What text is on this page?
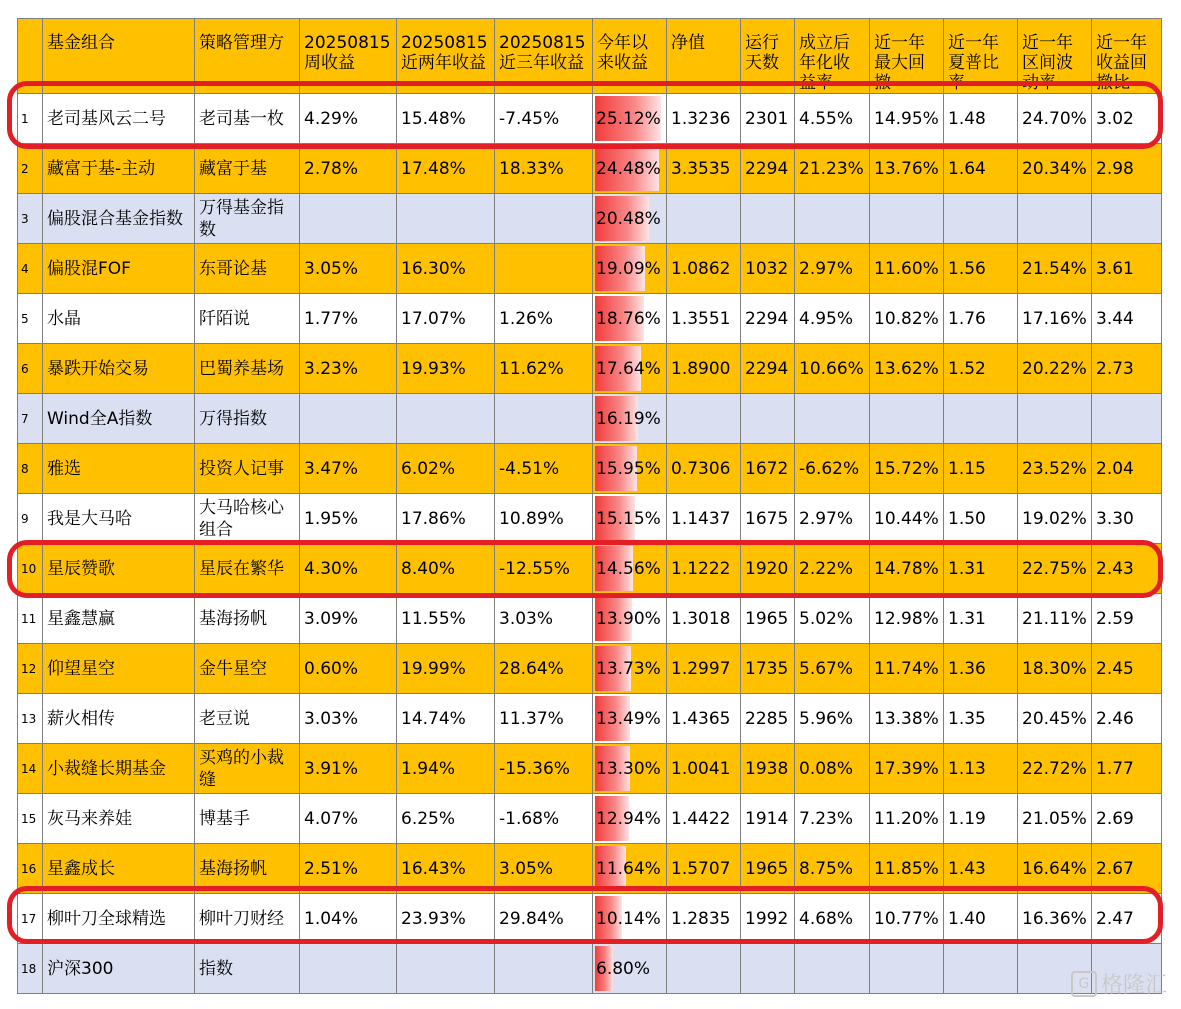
	基金组合	策略管理方	20250815周收益	20250815近两年收益	20250815近三年收益	今年以来收益	净值	运行天数	成立后年化收益率	近一年最大回撤	近一年夏普比率	近一年区间波动率	近一年收益回撤比
1	老司基风云二号	老司基一枚	4.29%	15.48%	-7.45%	25.12%	1.3236	2301	4.55%	14.95%	1.48	24.70%	3.02
2	藏富于基-主动	藏富于基	2.78%	17.48%	18.33%	24.48%	3.3535	2294	21.23%	13.76%	1.64	20.34%	2.98
3	偏股混合基金指数	万得基金指数				20.48%							
4	偏股混FOF	东哥论基	3.05%	16.30%		19.09%	1.0862	1032	2.97%	11.60%	1.56	21.54%	3.61
5	水晶	阡陌说	1.77%	17.07%	1.26%	18.76%	1.3551	2294	4.95%	10.82%	1.76	17.16%	3.44
6	暴跌开始交易	巴蜀养基场	3.23%	19.93%	11.62%	17.64%	1.8900	2294	10.66%	13.62%	1.52	20.22%	2.73
7	Wind全A指数	万得指数				16.19%							
8	雅选	投资人记事	3.47%	6.02%	-4.51%	15.95%	0.7306	1672	-6.62%	15.72%	1.15	23.52%	2.04
9	我是大马哈	大马哈核心组合	1.95%	17.86%	10.89%	15.15%	1.1437	1675	2.97%	10.44%	1.50	19.02%	3.30
10	星辰赞歌	星辰在繁华	4.30%	8.40%	-12.55%	14.56%	1.1222	1920	2.22%	14.78%	1.31	22.75%	2.43
11	星鑫慧赢	基海扬帆	3.09%	11.55%	3.03%	13.90%	1.3018	1965	5.02%	12.98%	1.31	21.11%	2.59
12	仰望星空	金牛星空	0.60%	19.99%	28.64%	13.73%	1.2997	1735	5.67%	11.74%	1.36	18.30%	2.45
13	薪火相传	老豆说	3.03%	14.74%	11.37%	13.49%	1.4365	2285	5.96%	13.38%	1.35	20.45%	2.46
14	小裁缝长期基金	买鸡的小裁缝	3.91%	1.94%	-15.36%	13.30%	1.0041	1938	0.08%	17.39%	1.13	22.72%	1.77
15	灰马来养娃	博基手	4.07%	6.25%	-1.68%	12.94%	1.4422	1914	7.23%	11.20%	1.19	21.05%	2.69
16	星鑫成长	基海扬帆	2.51%	16.43%	3.05%	11.64%	1.5707	1965	8.75%	11.85%	1.43	16.64%	2.67
17	柳叶刀全球精选	柳叶刀财经	1.04%	23.93%	29.84%	10.14%	1.2835	1992	4.68%	10.77%	1.40	16.36%	2.47
18	沪深300	指数				6.80%							
G 格隆汇
